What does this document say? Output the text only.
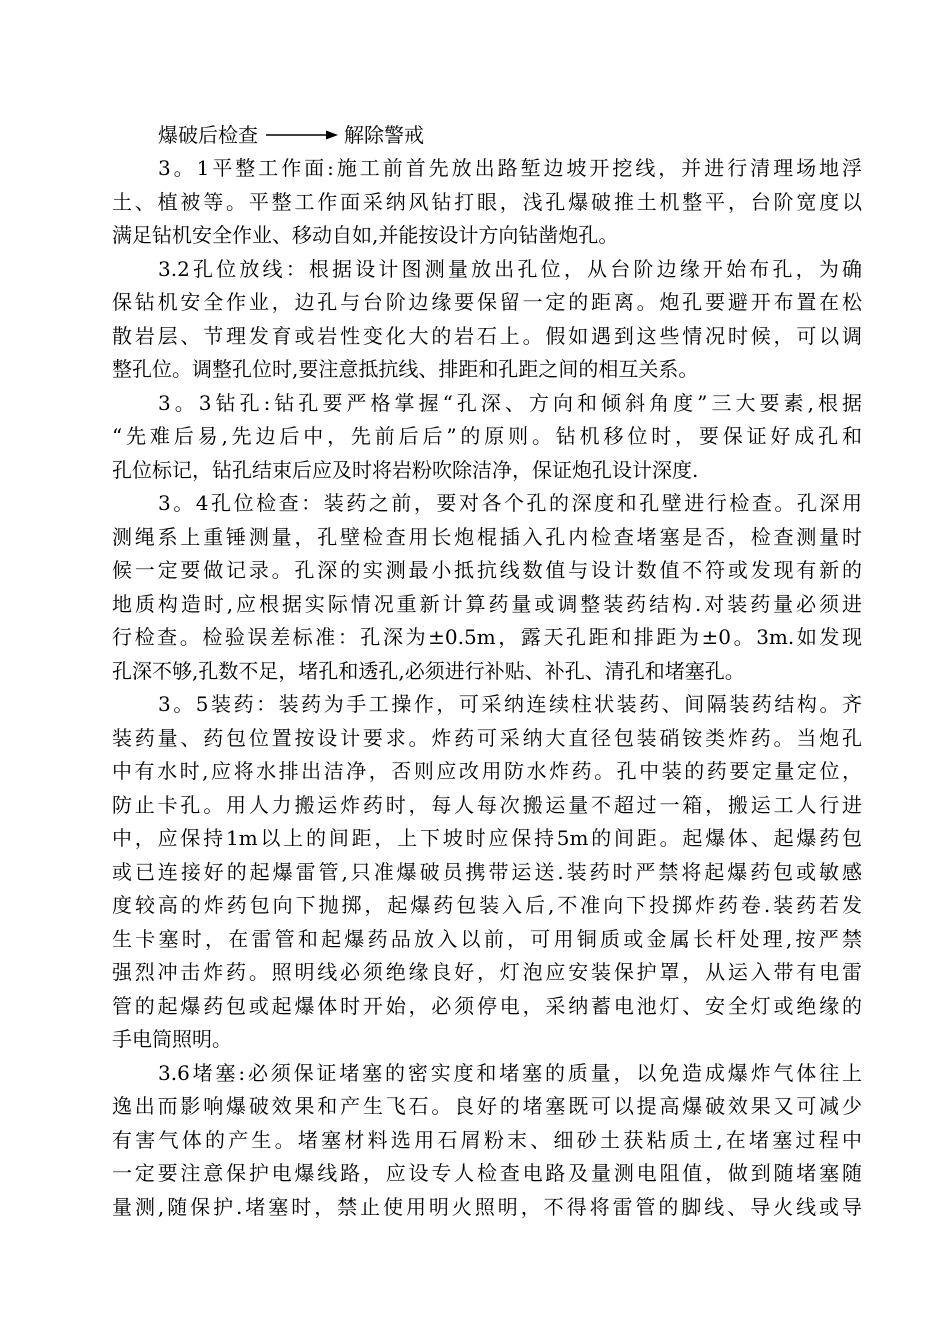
爆破后检查	解除警戒
3。1平整工作面:施工前首先放出路堑边坡开挖线，并进行清理场地浮
土、植被等。平整工作面采纳风钻打眼，浅孔爆破推土机整平，台阶宽度以
满足钻机安全作业、移动自如,并能按设计方向钻凿炮孔。
3.2孔位放线：根据设计图测量放出孔位，从台阶边缘开始布孔，为确
保钻机安全作业，边孔与台阶边缘要保留一定的距离。炮孔要避开布置在松
散岩层、节理发育或岩性变化大的岩石上。假如遇到这些情况时候，可以调
整孔位。调整孔位时,要注意抵抗线、排距和孔距之间的相互关系。
3。3钻孔:钻孔要严格掌握“孔深、方向和倾斜角度”三大要素,根据
“先难后易,先边后中，先前后后”的原则。钻机移位时，要保证好成孔和
孔位标记，钻孔结束后应及时将岩粉吹除洁净，保证炮孔设计深度.
3。4孔位检查：装药之前，要对各个孔的深度和孔壁进行检查。孔深用
测绳系上重锤测量，孔壁检查用长炮棍插入孔内检查堵塞是否，检查测量时
候一定要做记录。孔深的实测最小抵抗线数值与设计数值不符或发现有新的
地质构造时,应根据实际情况重新计算药量或调整装药结构.对装药量必须进
行检查。检验误差标准：孔深为±0.5m，露天孔距和排距为±0。3m.如发现
孔深不够,孔数不足，堵孔和透孔,必须进行补贴、补孔、清孔和堵塞孔。
3。5装药：装药为手工操作，可采纳连续柱状装药、间隔装药结构。齐
装药量、药包位置按设计要求。炸药可采纳大直径包装硝铵类炸药。当炮孔
中有水时,应将水排出洁净，否则应改用防水炸药。孔中装的药要定量定位，
防止卡孔。用人力搬运炸药时，每人每次搬运量不超过一箱，搬运工人行进
中，应保持1m以上的间距，上下坡时应保持5m的间距。起爆体、起爆药包
或已连接好的起爆雷管,只准爆破员携带运送.装药时严禁将起爆药包或敏感
度较高的炸药包向下抛掷，起爆药包装入后,不准向下投掷炸药卷.装药若发
生卡塞时，在雷管和起爆药品放入以前，可用铜质或金属长杆处理,按严禁
强烈冲击炸药。照明线必须绝缘良好，灯泡应安装保护罩，从运入带有电雷
管的起爆药包或起爆体时开始，必须停电，采纳蓄电池灯、安全灯或绝缘的
手电筒照明。
3.6堵塞:必须保证堵塞的密实度和堵塞的质量，以免造成爆炸气体往上
逸出而影响爆破效果和产生飞石。良好的堵塞既可以提高爆破效果又可减少
有害气体的产生。堵塞材料选用石屑粉末、细砂土获粘质土,在堵塞过程中
一定要注意保护电爆线路，应设专人检查电路及量测电阻值，做到随堵塞随
量测,随保护.堵塞时，禁止使用明火照明，不得将雷管的脚线、导火线或导
